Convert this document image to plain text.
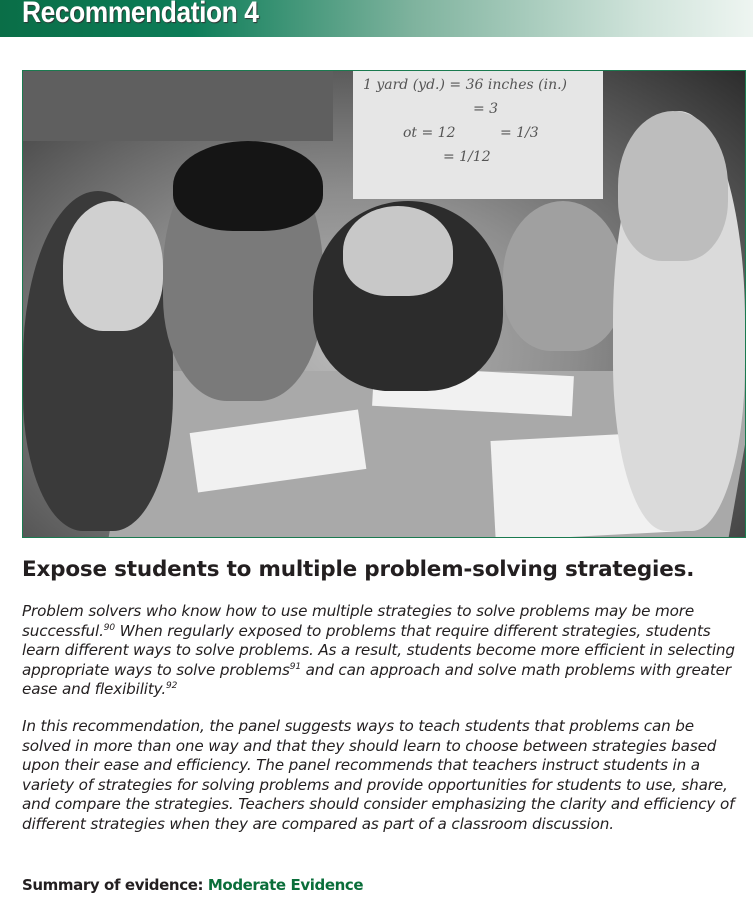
Recommendation 4
1 yard (yd.) = 36 inches (in.)
= 3
ot = 12	= 1/3
= 1/12
Expose students to multiple problem-solving strategies.

Problem solvers who know how to use multiple strategies to solve problems may be more successful.$^{90}$ When regularly exposed to problems that require different strategies, students learn different ways to solve problems. As a result, students become more efficient in selecting appropriate ways to solve problems$^{91}$ and can approach and solve math problems with greater ease and flexibility.$^{92}$

In this recommendation, the panel suggests ways to teach students that problems can be solved in more than one way and that they should learn to choose between strategies based upon their ease and efficiency. The panel recommends that teachers instruct students in a variety of strategies for solving problems and provide opportunities for students to use, share, and compare the strategies. Teachers should consider emphasizing the clarity and efficiency of different strategies when they are compared as part of a classroom discussion.

Summary of evidence: Moderate Evidence
